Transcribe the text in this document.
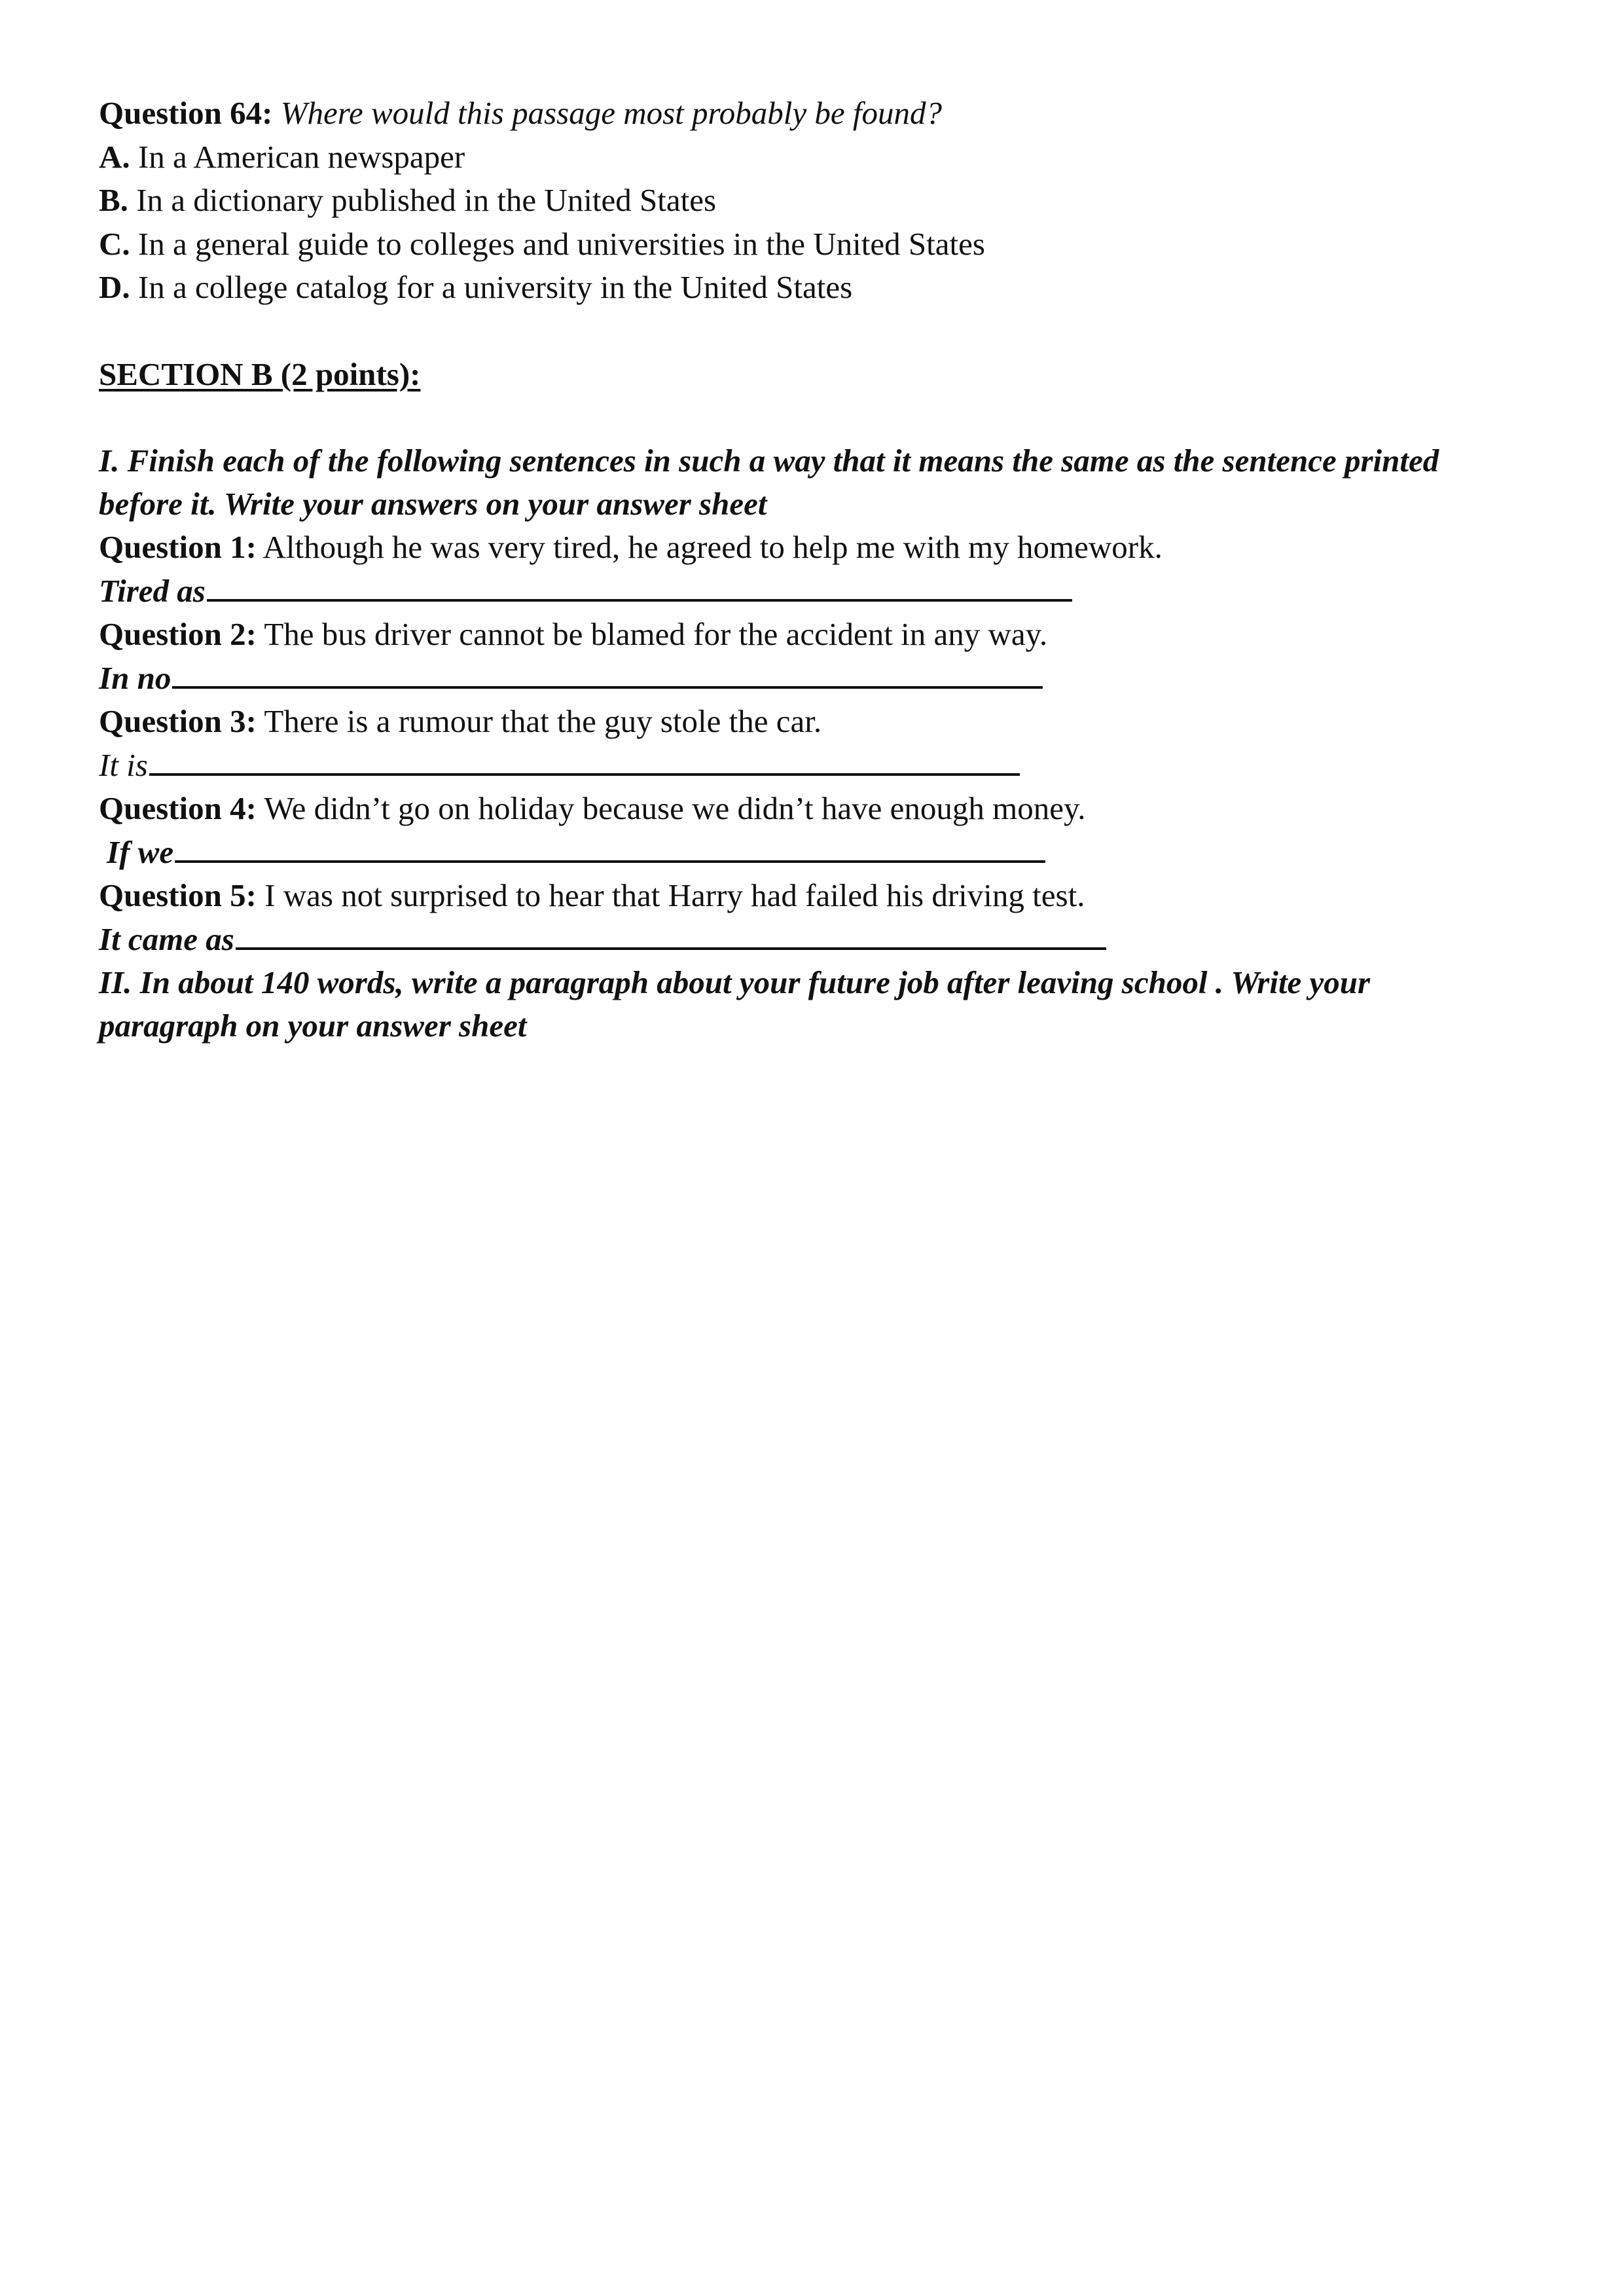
Question 64: Where would this passage most probably be found?
A. In a American newspaper
B. In a dictionary published in the United States
C. In a general guide to colleges and universities in the United States
D. In a college catalog for a university in the United States
SECTION B (2 points):
I. Finish each of the following sentences in such a way that it means the same as the sentence printed before it. Write your answers on your answer sheet
Question 1: Although he was very tired, he agreed to help me with my homework.
Tired as
Question 2: The bus driver cannot be blamed for the accident in any way.
In no
Question 3: There is a rumour that the guy stole the car.
It is
Question 4: We didn’t go on holiday because we didn’t have enough money.
If we
Question 5: I was not surprised to hear that Harry had failed his driving test.
It came as
II. In about 140 words, write a paragraph about your future job after leaving school . Write your paragraph on your answer sheet
